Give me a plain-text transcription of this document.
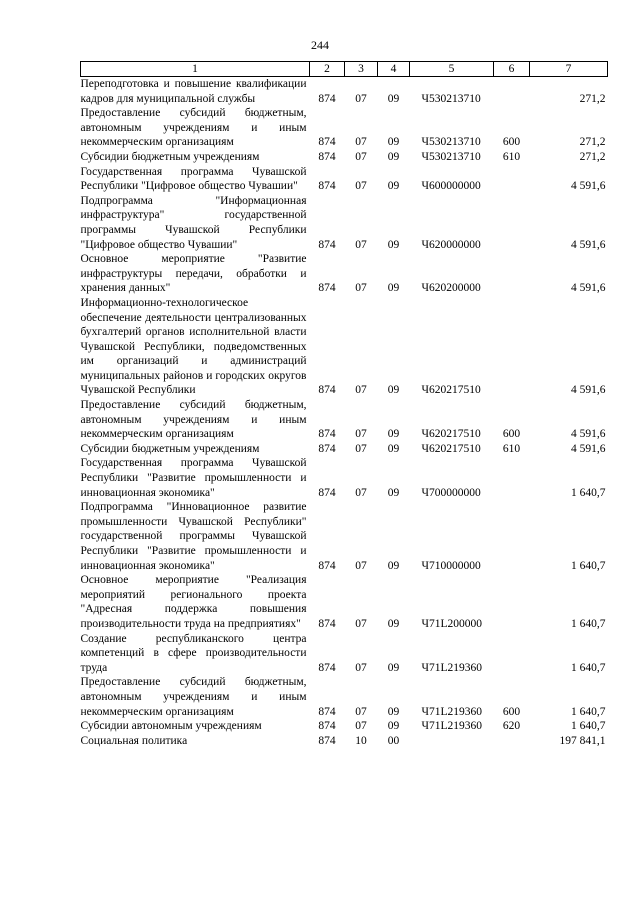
244
1	2	3	4	5	6	7
Переподготовка и повышение квалификации кадров для муниципальной службы	874	07	09	Ч530213710		271,2
Предоставление субсидий бюджетным, автономным учреждениям и иным некоммерческим организациям	874	07	09	Ч530213710	600	271,2
Субсидии бюджетным учреждениям	874	07	09	Ч530213710	610	271,2
Государственная программа Чувашской Республики "Цифровое общество Чувашии"	874	07	09	Ч600000000		4 591,6
Подпрограмма "Информационная инфраструктура" государственной программы Чувашской Республики "Цифровое общество Чувашии"	874	07	09	Ч620000000		4 591,6
Основное мероприятие "Развитие инфраструктуры передачи, обработки и хранения данных"	874	07	09	Ч620200000		4 591,6
Информационно-технологическое обеспечение деятельности централизованных бухгалтерий органов исполнительной власти Чувашской Республики, подведомственных им организаций и администраций муниципальных районов и городских округов Чувашской Республики	874	07	09	Ч620217510		4 591,6
Предоставление субсидий бюджетным, автономным учреждениям и иным некоммерческим организациям	874	07	09	Ч620217510	600	4 591,6
Субсидии бюджетным учреждениям	874	07	09	Ч620217510	610	4 591,6
Государственная программа Чувашской Республики "Развитие промышленности и инновационная экономика"	874	07	09	Ч700000000		1 640,7
Подпрограмма "Инновационное развитие промышленности Чувашской Республики" государственной программы Чувашской Республики "Развитие промышленности и инновационная экономика"	874	07	09	Ч710000000		1 640,7
Основное мероприятие "Реализация мероприятий регионального проекта "Адресная поддержка повышения производительности труда на предприятиях"	874	07	09	Ч71L200000		1 640,7
Создание республиканского центра компетенций в сфере производительности труда	874	07	09	Ч71L219360		1 640,7
Предоставление субсидий бюджетным, автономным учреждениям и иным некоммерческим организациям	874	07	09	Ч71L219360	600	1 640,7
Субсидии автономным учреждениям	874	07	09	Ч71L219360	620	1 640,7
Социальная политика	874	10	00			197 841,1
